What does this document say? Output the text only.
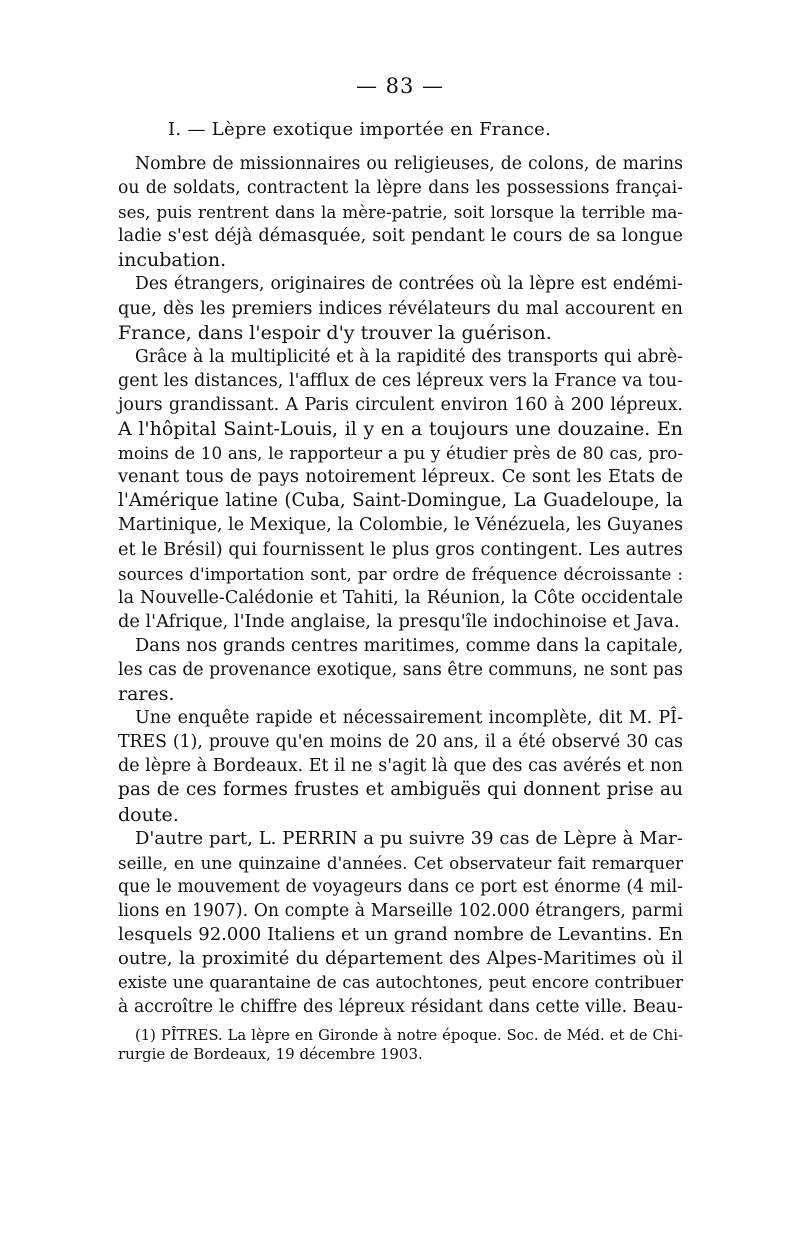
— 83 —
I. — Lèpre exotique importée en France.
Nombre de missionnaires ou religieuses, de colons, de marins
ou de soldats, contractent la lèpre dans les possessions françai-
ses, puis rentrent dans la mère-patrie, soit lorsque la terrible ma-
ladie s'est déjà démasquée, soit pendant le cours de sa longue
incubation.
Des étrangers, originaires de contrées où la lèpre est endémi-
que, dès les premiers indices révélateurs du mal accourent en
France, dans l'espoir d'y trouver la guérison.
Grâce à la multiplicité et à la rapidité des transports qui abrè-
gent les distances, l'afflux de ces lépreux vers la France va tou-
jours grandissant. A Paris circulent environ 160 à 200 lépreux.
A l'hôpital Saint-Louis, il y en a toujours une douzaine. En
moins de 10 ans, le rapporteur a pu y étudier près de 80 cas, pro-
venant tous de pays notoirement lépreux. Ce sont les Etats de
l'Amérique latine (Cuba, Saint-Domingue, La Guadeloupe, la
Martinique, le Mexique, la Colombie, le Vénézuela, les Guyanes
et le Brésil) qui fournissent le plus gros contingent. Les autres
sources d'importation sont, par ordre de fréquence décroissante :
la Nouvelle-Calédonie et Tahiti, la Réunion, la Côte occidentale
de l'Afrique, l'Inde anglaise, la presqu'île indochinoise et Java.
Dans nos grands centres maritimes, comme dans la capitale,
les cas de provenance exotique, sans être communs, ne sont pas
rares.
Une enquête rapide et nécessairement incomplète, dit M. PÎ-
TRES (1), prouve qu'en moins de 20 ans, il a été observé 30 cas
de lèpre à Bordeaux. Et il ne s'agit là que des cas avérés et non
pas de ces formes frustes et ambiguës qui donnent prise au
doute.
D'autre part, L. PERRIN a pu suivre 39 cas de Lèpre à Mar-
seille, en une quinzaine d'années. Cet observateur fait remarquer
que le mouvement de voyageurs dans ce port est énorme (4 mil-
lions en 1907). On compte à Marseille 102.000 étrangers, parmi
lesquels 92.000 Italiens et un grand nombre de Levantins. En
outre, la proximité du département des Alpes-Maritimes où il
existe une quarantaine de cas autochtones, peut encore contribuer
à accroître le chiffre des lépreux résidant dans cette ville. Beau-
(1) PÎTRES. La lèpre en Gironde à notre époque. Soc. de Méd. et de Chi-
rurgie de Bordeaux, 19 décembre 1903.
